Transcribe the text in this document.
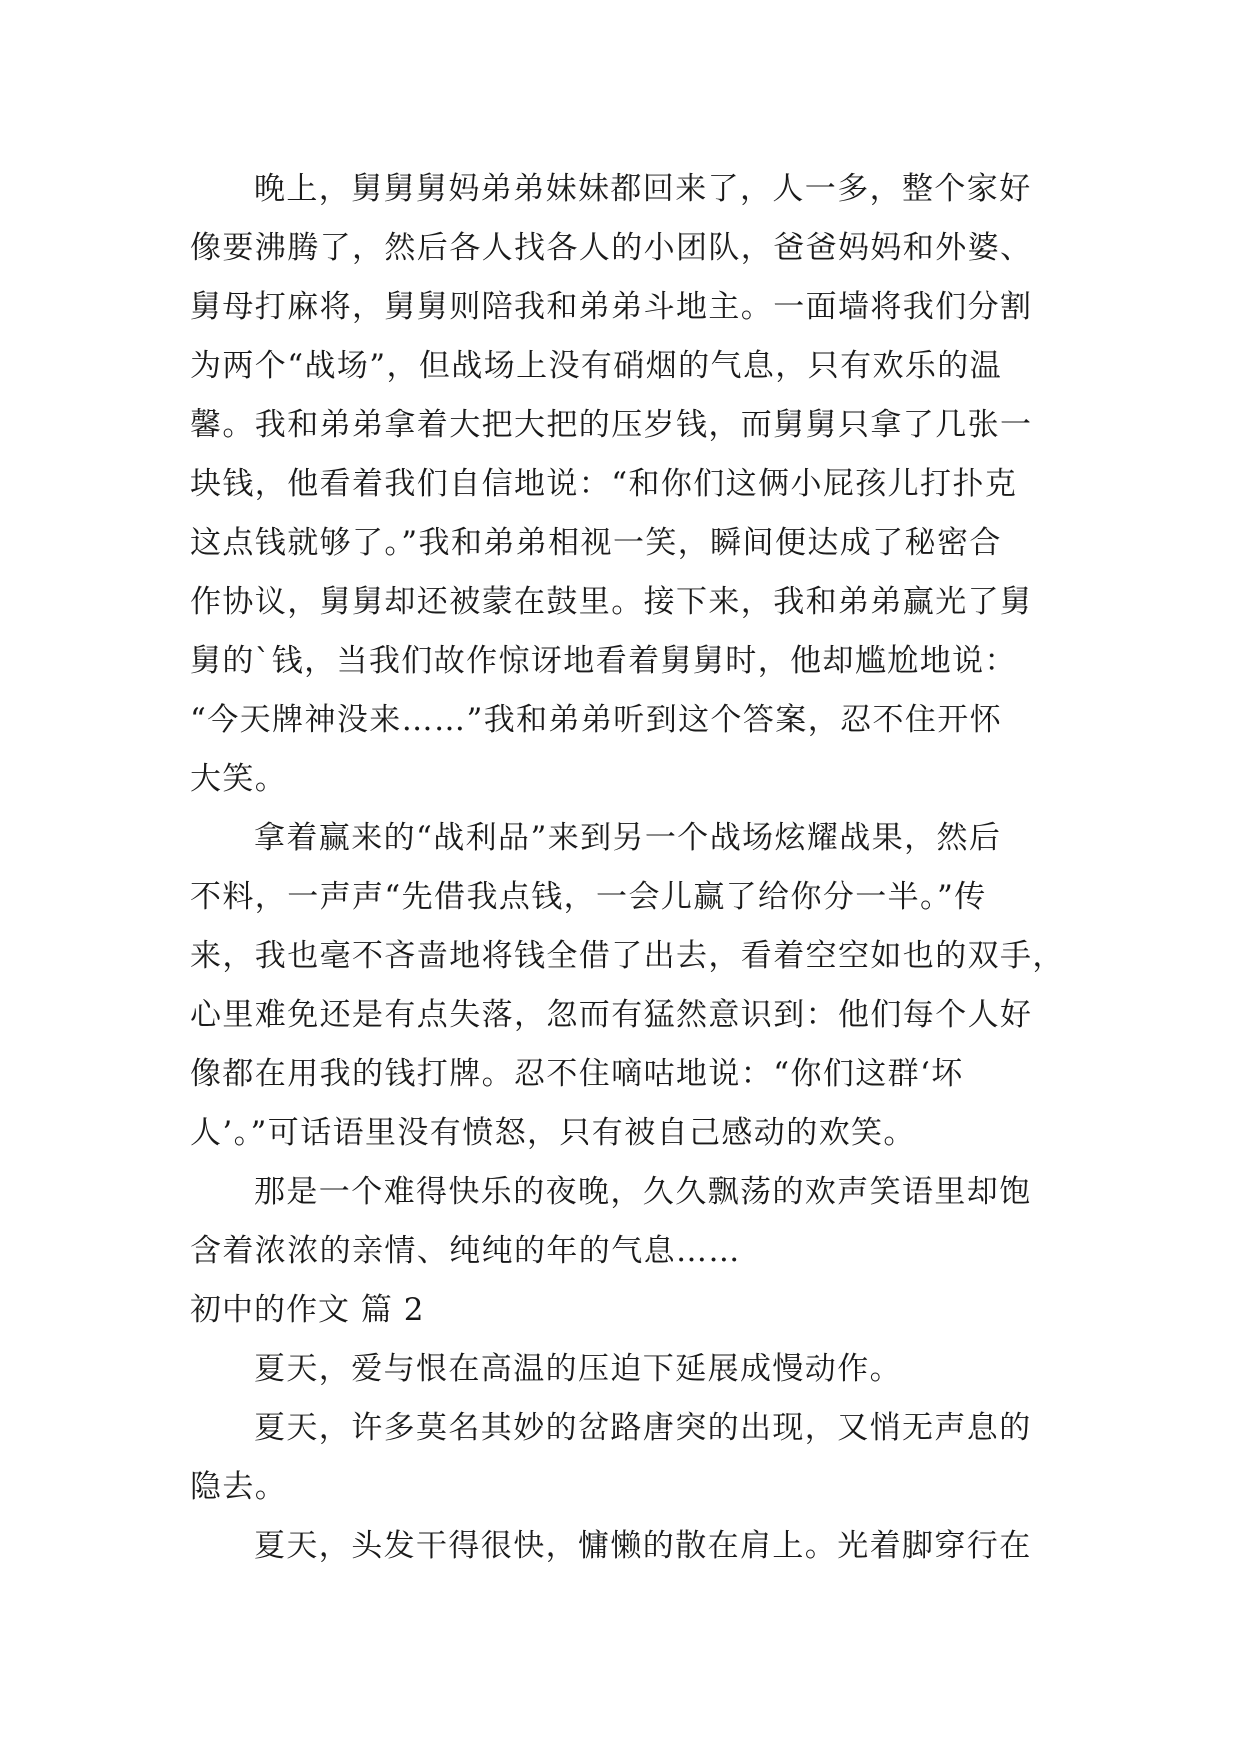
晚上，舅舅舅妈弟弟妹妹都回来了，人一多，整个家好
像要沸腾了，然后各人找各人的小团队，爸爸妈妈和外婆、
舅母打麻将，舅舅则陪我和弟弟斗地主。一面墙将我们分割
为两个“战场”，但战场上没有硝烟的气息，只有欢乐的温
馨。我和弟弟拿着大把大把的压岁钱，而舅舅只拿了几张一
块钱，他看着我们自信地说：“和你们这俩小屁孩儿打扑克
这点钱就够了。”我和弟弟相视一笑，瞬间便达成了秘密合
作协议，舅舅却还被蒙在鼓里。接下来，我和弟弟赢光了舅
舅的`钱，当我们故作惊讶地看着舅舅时，他却尴尬地说：
“今天牌神没来……”我和弟弟听到这个答案，忍不住开怀
大笑。
拿着赢来的“战利品”来到另一个战场炫耀战果，然后
不料，一声声“先借我点钱，一会儿赢了给你分一半。”传
来，我也毫不吝啬地将钱全借了出去，看着空空如也的双手，
心里难免还是有点失落，忽而有猛然意识到：他们每个人好
像都在用我的钱打牌。忍不住嘀咕地说：“你们这群‘坏
人’。”可话语里没有愤怒，只有被自己感动的欢笑。
那是一个难得快乐的夜晚，久久飘荡的欢声笑语里却饱
含着浓浓的亲情、纯纯的年的气息……
初中的作文 篇 2
夏天，爱与恨在高温的压迫下延展成慢动作。
夏天，许多莫名其妙的岔路唐突的出现，又悄无声息的
隐去。
夏天，头发干得很快，慵懒的散在肩上。光着脚穿行在
